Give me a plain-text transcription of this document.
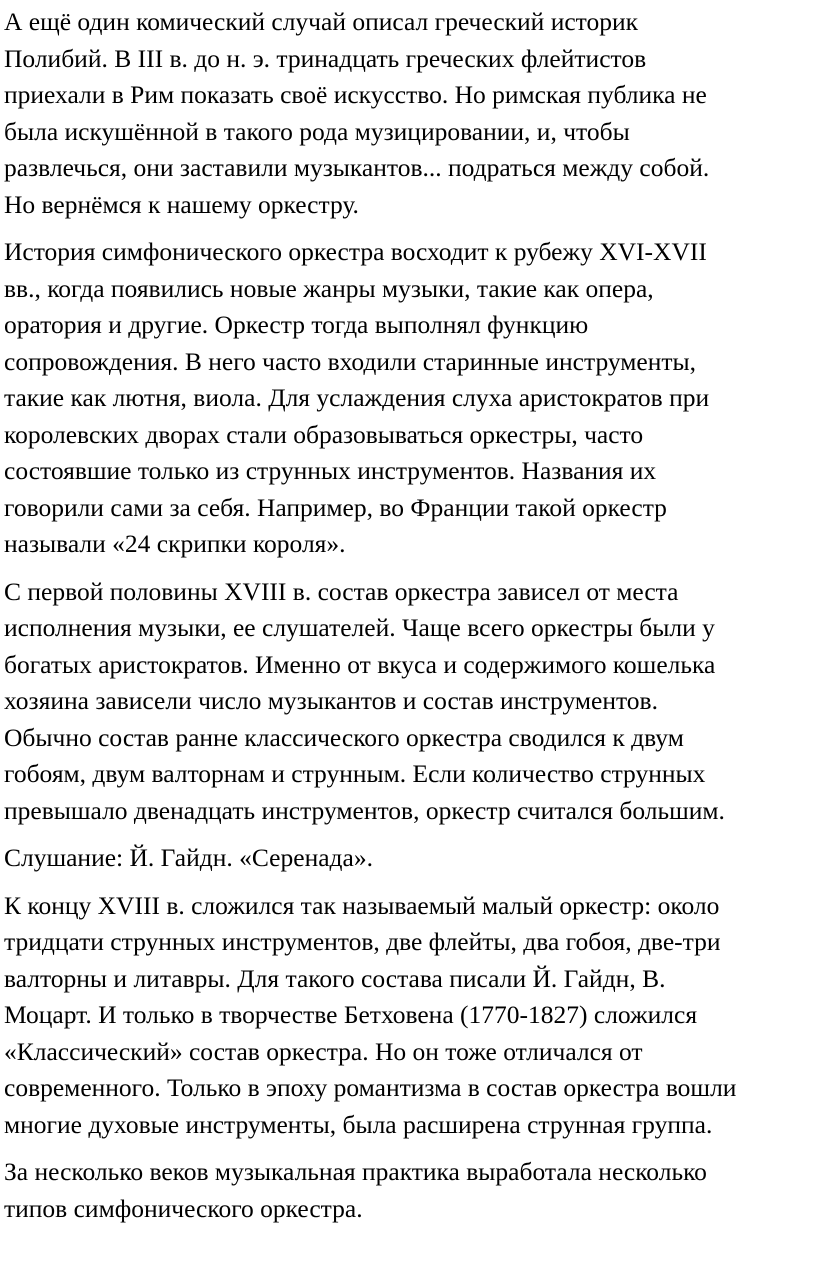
А ещё один комический случай описал греческий историк
Полибий. В III в. до н. э. тринадцать греческих флейтистов
приехали в Рим показать своё искусство. Но римская публика не
была искушённой в такого рода музицировании, и, чтобы
развлечься, они заставили музыкантов... подраться между собой.
Но вернёмся к нашему оркестру.

История симфонического оркестра восходит к рубежу XVI-XVII
вв., когда появились новые жанры музыки, такие как опера,
оратория и другие. Оркестр тогда выполнял функцию
сопровождения. В него часто входили старинные инструменты,
такие как лютня, виола. Для услаждения слуха аристократов при
королевских дворах стали образовываться оркестры, часто
состоявшие только из струнных инструментов. Названия их
говорили сами за себя. Например, во Франции такой оркестр
называли «24 скрипки короля».

С первой половины XVIII в. состав оркестра зависел от места
исполнения музыки, ее слушателей. Чаще всего оркестры были у
богатых аристократов. Именно от вкуса и содержимого кошелька
хозяина зависели число музыкантов и состав инструментов.
Обычно состав ранне классического оркестра сводился к двум
гобоям, двум валторнам и струнным. Если количество струнных
превышало двенадцать инструментов, оркестр считался большим.

Слушание: Й. Гайдн. «Серенада».

К концу XVIII в. сложился так называемый малый оркестр: около
тридцати струнных инструментов, две флейты, два гобоя, две-три
валторны и литавры. Для такого состава писали Й. Гайдн, В.
Моцарт. И только в творчестве Бетховена (1770-1827) сложился
«Классический» состав оркестра. Но он тоже отличался от
современного. Только в эпоху романтизма в состав оркестра вошли
многие духовые инструменты, была расширена струнная группа.

За несколько веков музыкальная практика выработала несколько
типов симфонического оркестра.
